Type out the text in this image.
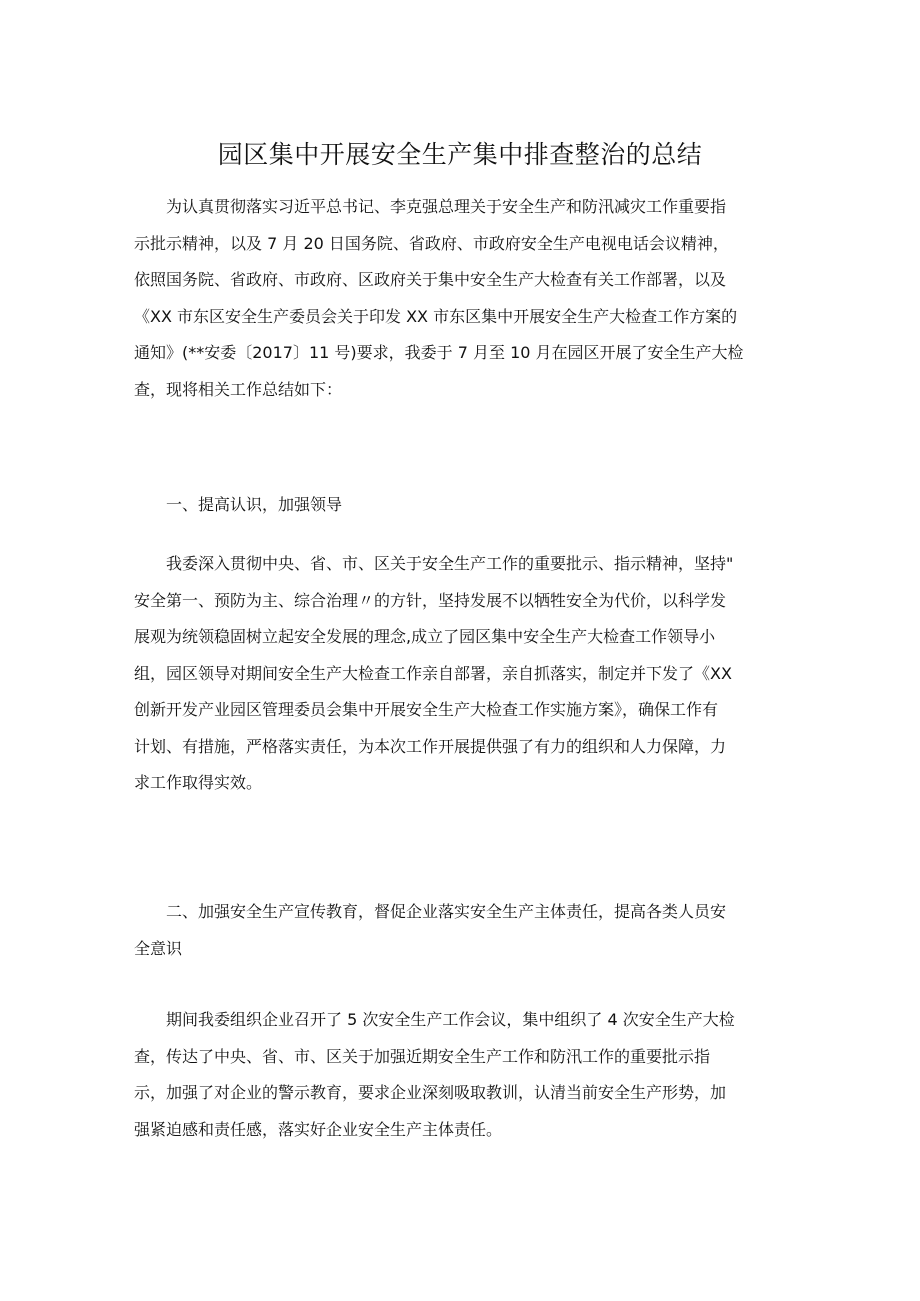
园区集中开展安全生产集中排查整治的总结
为认真贯彻落实习近平总书记、李克强总理关于安全生产和防汛减灾工作重要指
示批示精神，以及 7 月 20 日国务院、省政府、市政府安全生产电视电话会议精神，
依照国务院、省政府、市政府、区政府关于集中安全生产大检查有关工作部署，以及
《XX 市东区安全生产委员会关于印发 XX 市东区集中开展安全生产大检查工作方案的
通知》(**安委〔2017〕11 号)要求，我委于 7 月至 10 月在园区开展了安全生产大检
查，现将相关工作总结如下：
一、提高认识，加强领导
我委深入贯彻中央、省、市、区关于安全生产工作的重要批示、指示精神，坚持"
安全第一、预防为主、综合治理〃的方针，坚持发展不以牺牲安全为代价，以科学发
展观为统领稳固树立起安全发展的理念,成立了园区集中安全生产大检查工作领导小
组，园区领导对期间安全生产大检查工作亲自部署，亲自抓落实，制定并下发了《XX
创新开发产业园区管理委员会集中开展安全生产大检查工作实施方案》，确保工作有
计划、有措施，严格落实责任，为本次工作开展提供强了有力的组织和人力保障，力
求工作取得实效。
二、加强安全生产宣传教育，督促企业落实安全生产主体责任，提高各类人员安
全意识
期间我委组织企业召开了 5 次安全生产工作会议，集中组织了 4 次安全生产大检
查，传达了中央、省、市、区关于加强近期安全生产工作和防汛工作的重要批示指
示，加强了对企业的警示教育，要求企业深刻吸取教训，认清当前安全生产形势，加
强紧迫感和责任感，落实好企业安全生产主体责任。
